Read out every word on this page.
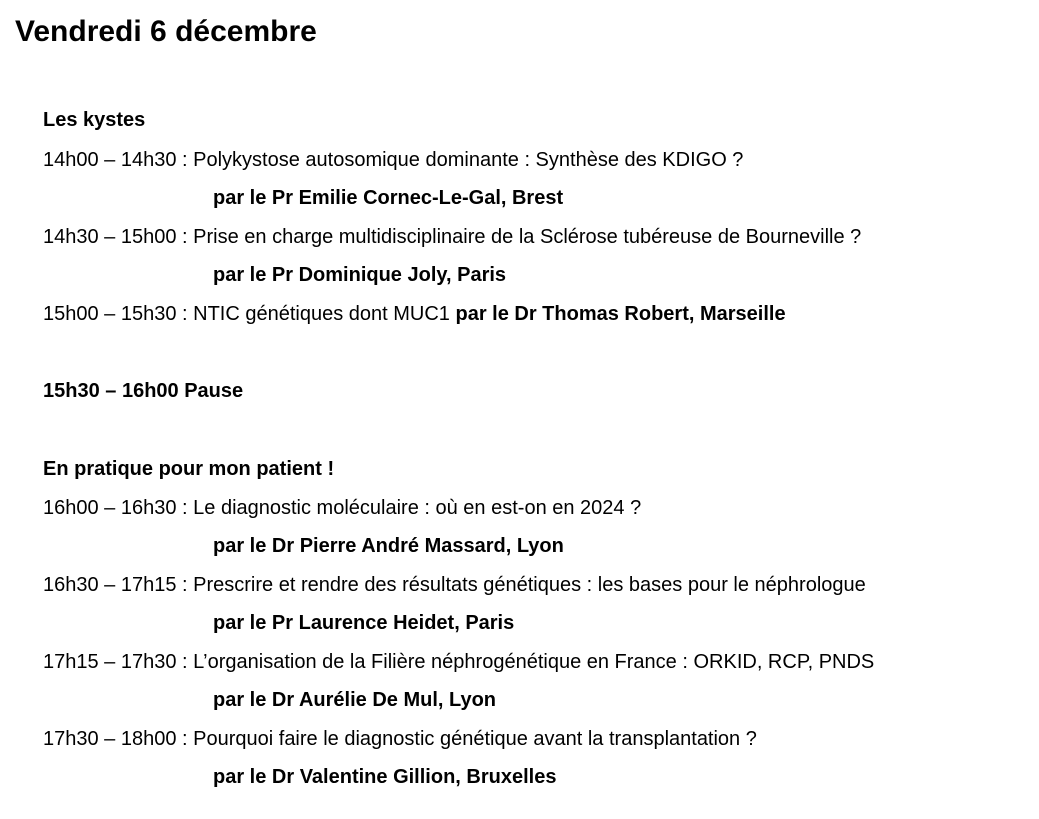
Vendredi 6 décembre
Les kystes
14h00 – 14h30 : Polykystose autosomique dominante : Synthèse des KDIGO ?
par le Pr Emilie Cornec-Le-Gal, Brest
14h30 – 15h00 : Prise en charge multidisciplinaire de la Sclérose tubéreuse de Bourneville ?
par le Pr Dominique Joly, Paris
15h00 – 15h30 : NTIC génétiques dont MUC1 par le Dr Thomas Robert, Marseille
15h30 – 16h00 Pause
En pratique pour mon patient !
16h00 – 16h30 : Le diagnostic moléculaire : où en est-on en 2024 ?
par le Dr Pierre André Massard, Lyon
16h30 – 17h15 : Prescrire et rendre des résultats génétiques : les bases pour le néphrologue
par le Pr Laurence Heidet, Paris
17h15 – 17h30 : L’organisation de la Filière néphrogénétique en France : ORKID, RCP, PNDS
par le Dr Aurélie De Mul, Lyon
17h30 – 18h00 : Pourquoi faire le diagnostic génétique avant la transplantation ?
par le Dr Valentine Gillion, Bruxelles
